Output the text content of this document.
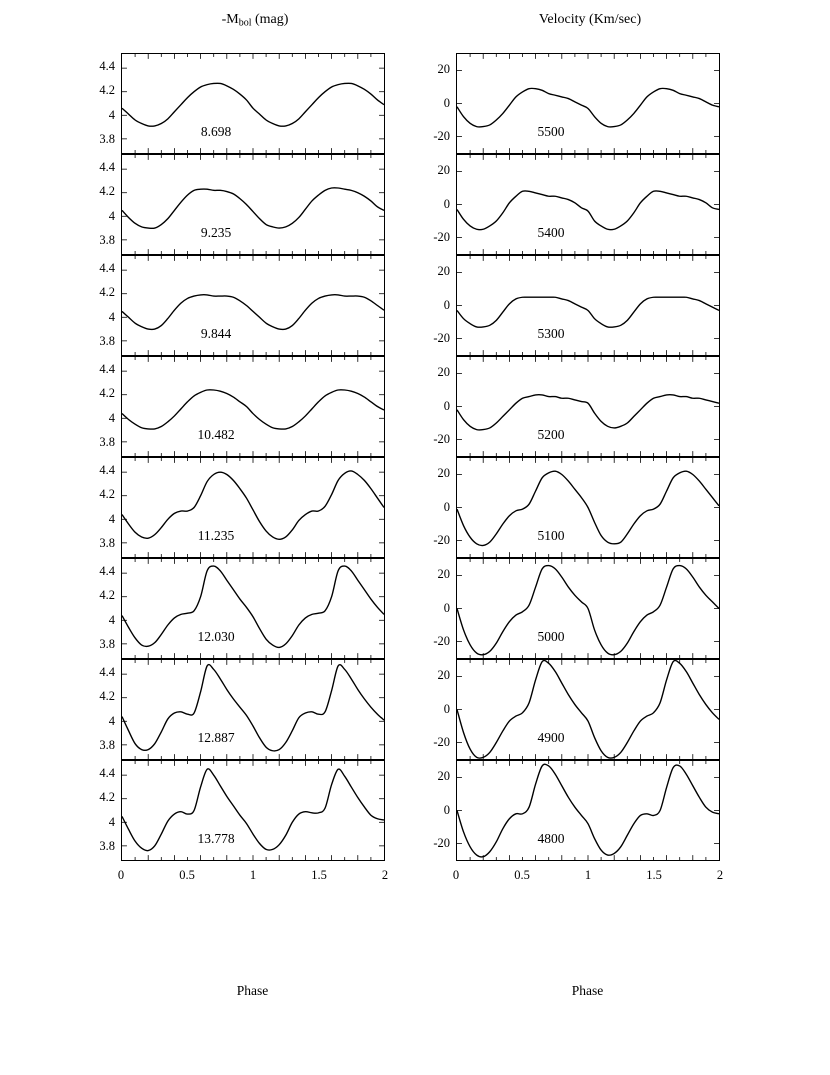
$-M_{bol}$ (mag)	Velocity (Km/sec)
4.4
4.2
4
3.8	8.698
4.4
4.2
4
3.8	9.235
4.4
4.2
4
3.8	9.844
4.4
4.2
4
3.8	10.482
4.4
4.2
4
3.8	11.235
4.4
4.2
4
3.8	12.030
4.4
4.2
4
3.8	12.887
4.4
4.2
4
3.8	13.778
0	0.5	1	1.5	2
20
0
-20	5500
20
0
-20	5400
20
0
-20	5300
20
0
-20	5200
20
0
-20	5100
20
0
-20	5000
20
0
-20	4900
20
0
-20	4800
0	0.5	1	1.5	2
Phase	Phase
